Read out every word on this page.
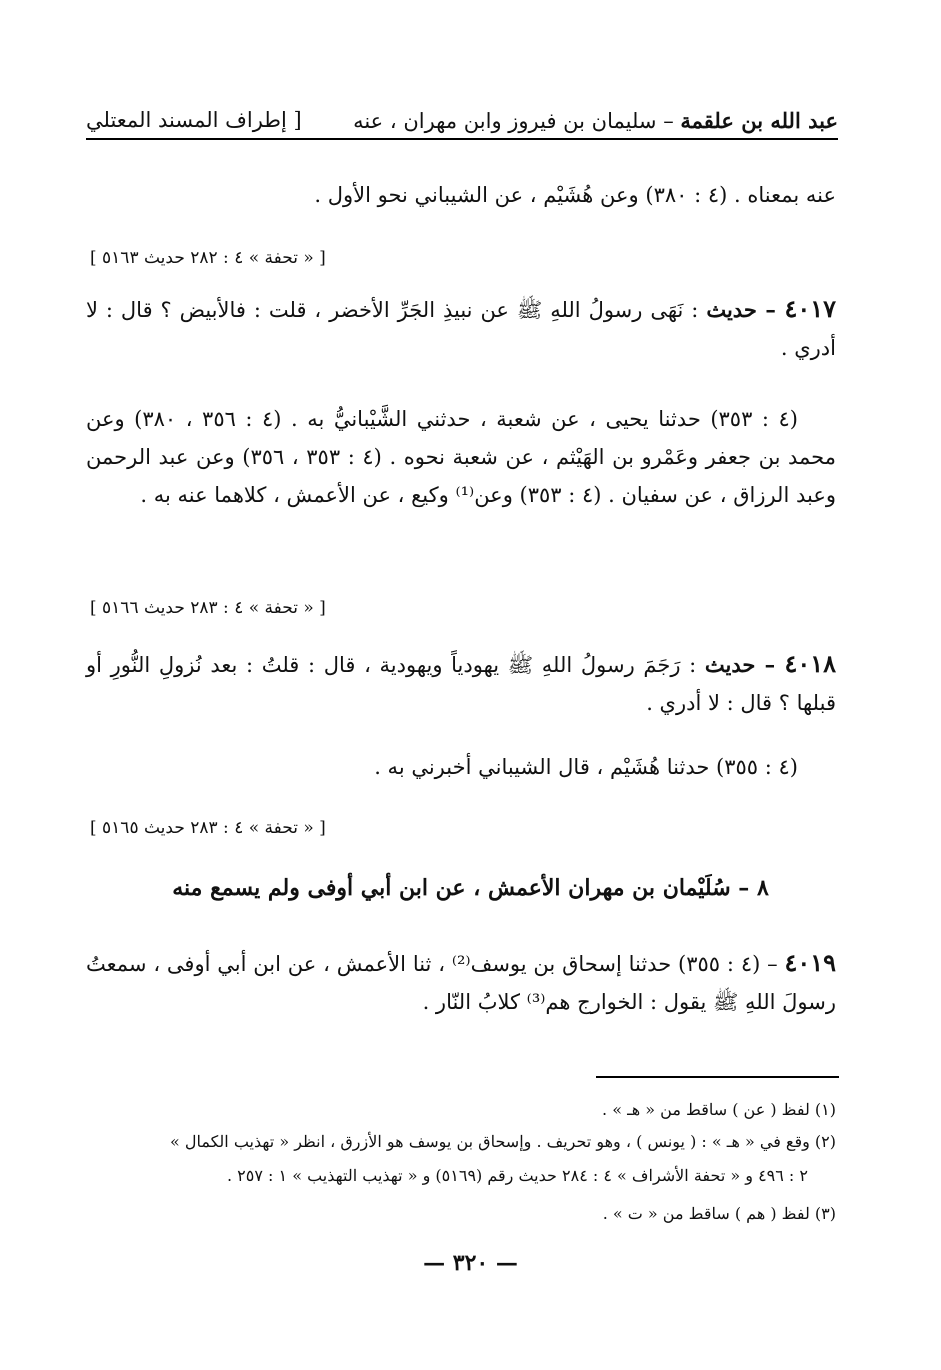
عبد الله بن علقمة – سليمان بن فيروز وابن مهران ، عنه
[ إطراف المسند المعتلي
عنه بمعناه . (٤ : ٣٨٠) وعن هُشَيْم ، عن الشيباني نحو الأول .
[ « تحفة » ٤ : ٢٨٢ حديث ٥١٦٣ ]
٤٠١٧ – حديث : نَهَى رسولُ اللهِ ﷺ عن نبيذِ الجَرِّ الأخضر ، قلت : فالأبيض ؟ قال : لا أدري .
(٤ : ٣٥٣) حدثنا يحيى ، عن شعبة ، حدثني الشَّيْبانيُّ به . (٤ : ٣٥٦ ، ٣٨٠) وعن محمد بن جعفر وعَمْرو بن الهَيْثم ، عن شعبة نحوه . (٤ : ٣٥٣ ، ٣٥٦) وعن عبد الرحمن وعبد الرزاق ، عن سفيان . (٤ : ٣٥٣) وعن⁽¹⁾ وكيع ، عن الأعمش ، كلاهما عنه به .
[ « تحفة » ٤ : ٢٨٣ حديث ٥١٦٦ ]
٤٠١٨ – حديث : رَجَمَ رسولُ اللهِ ﷺ يهودياً ويهودية ، قال : قلتُ : بعد نُزولِ النُّورِ أو قبلها ؟ قال : لا أدري .
(٤ : ٣٥٥) حدثنا هُشَيْم ، قال الشيباني أخبرني به .
[ « تحفة » ٤ : ٢٨٣ حديث ٥١٦٥ ]
٨ – سُلَيْمان بن مهران الأعمش ، عن ابن أبي أوفى ولم يسمع منه
٤٠١٩ – (٤ : ٣٥٥) حدثنا إسحاق بن يوسف⁽²⁾ ، ثنا الأعمش ، عن ابن أبي أوفى ، سمعتُ رسولَ اللهِ ﷺ يقول : الخوارج هم⁽³⁾ كلابُ النّار .
(١) لفظ ( عن ) ساقط من « هـ » .
(٢) وقع في « هـ » : ( يونس ) ، وهو تحريف . وإسحاق بن يوسف هو الأزرق ، انظر « تهذيب الكمال »
٢ : ٤٩٦ و « تحفة الأشراف » ٤ : ٢٨٤ حديث رقم (٥١٦٩) و « تهذيب التهذيب » ١ : ٢٥٧ .
(٣) لفظ ( هم ) ساقط من « ت » .
— ٣٢٠ —
